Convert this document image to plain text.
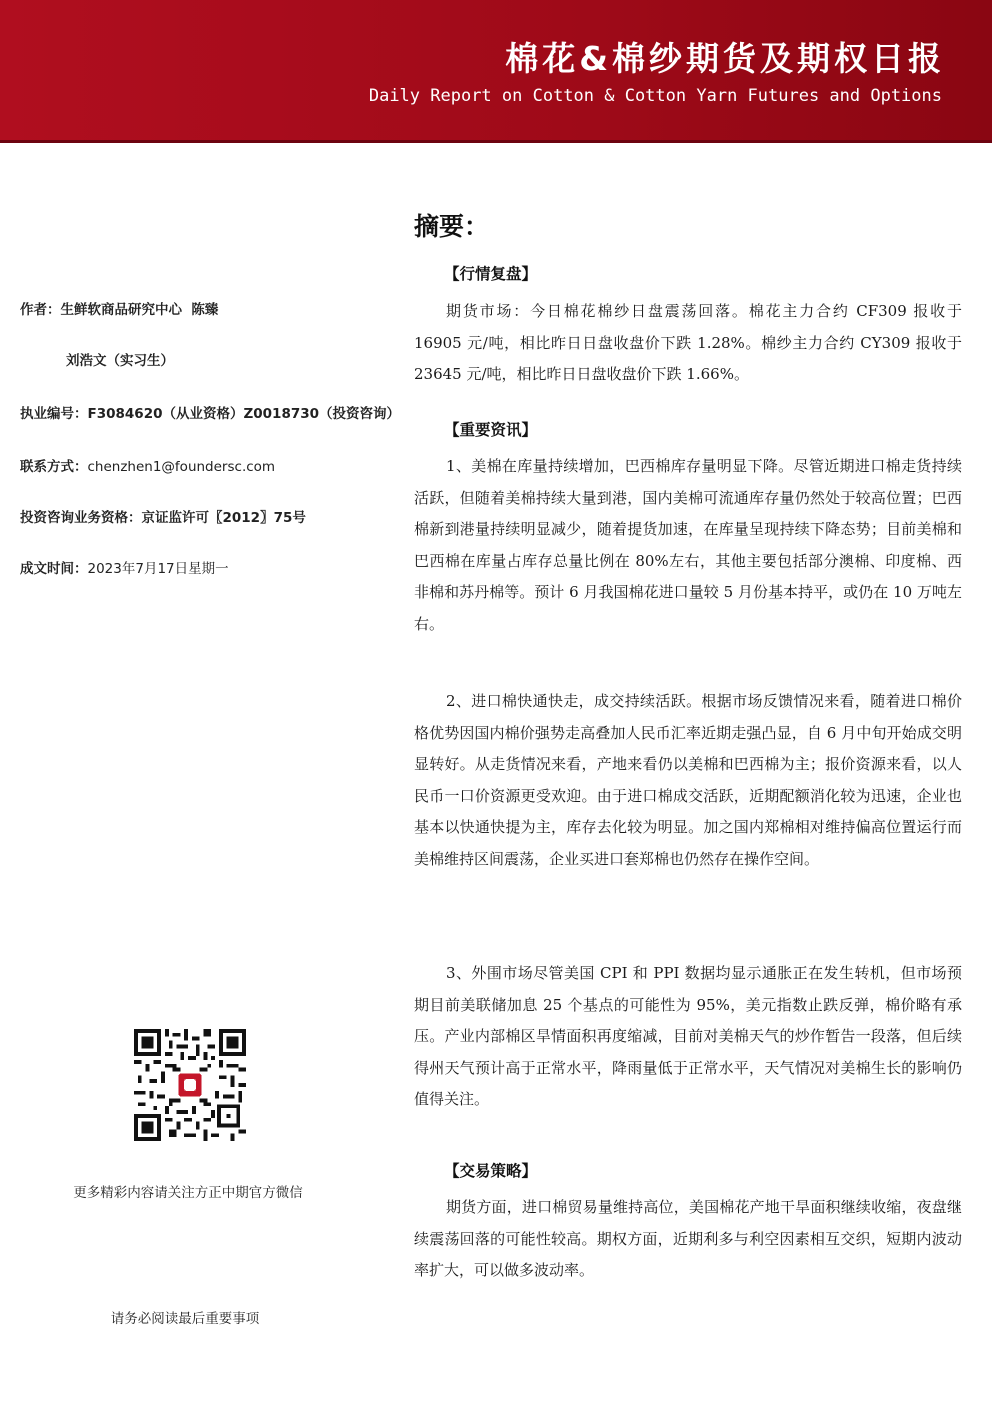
棉花&棉纱期货及期权日报
Daily Report on Cotton & Cotton Yarn Futures and Options
作者：生鲜软商品研究中心  陈臻
刘浩文（实习生）
执业编号：F3084620（从业资格）Z0018730（投资咨询）
联系方式：chenzhen1@foundersc.com
投资咨询业务资格：京证监许可〖2012〗75号
成文时间：2023年7月17日星期一
更多精彩内容请关注方正中期官方微信
请务必阅读最后重要事项
摘要：
【行情复盘】
期货市场：今日棉花棉纱日盘震荡回落。棉花主力合约 CF309 报收于 16905 元/吨，相比昨日日盘收盘价下跌 1.28%。棉纱主力合约 CY309 报收于 23645 元/吨，相比昨日日盘收盘价下跌 1.66%。
【重要资讯】
1、美棉在库量持续增加，巴西棉库存量明显下降。尽管近期进口棉走货持续活跃，但随着美棉持续大量到港，国内美棉可流通库存量仍然处于较高位置；巴西棉新到港量持续明显减少，随着提货加速，在库量呈现持续下降态势；目前美棉和巴西棉在库量占库存总量比例在 80%左右，其他主要包括部分澳棉、印度棉、西非棉和苏丹棉等。预计 6 月我国棉花进口量较 5 月份基本持平，或仍在 10 万吨左右。
2、进口棉快通快走，成交持续活跃。根据市场反馈情况来看，随着进口棉价格优势因国内棉价强势走高叠加人民币汇率近期走强凸显，自 6 月中旬开始成交明显转好。从走货情况来看，产地来看仍以美棉和巴西棉为主；报价资源来看，以人民币一口价资源更受欢迎。由于进口棉成交活跃，近期配额消化较为迅速，企业也基本以快通快提为主，库存去化较为明显。加之国内郑棉相对维持偏高位置运行而美棉维持区间震荡，企业买进口套郑棉也仍然存在操作空间。
3、外围市场尽管美国 CPI 和 PPI 数据均显示通胀正在发生转机，但市场预期目前美联储加息 25 个基点的可能性为 95%，美元指数止跌反弹，棉价略有承压。产业内部棉区旱情面积再度缩减，目前对美棉天气的炒作暂告一段落，但后续得州天气预计高于正常水平，降雨量低于正常水平，天气情况对美棉生长的影响仍值得关注。
【交易策略】
期货方面，进口棉贸易量维持高位，美国棉花产地干旱面积继续收缩，夜盘继续震荡回落的可能性较高。期权方面，近期利多与利空因素相互交织，短期内波动率扩大，可以做多波动率。
